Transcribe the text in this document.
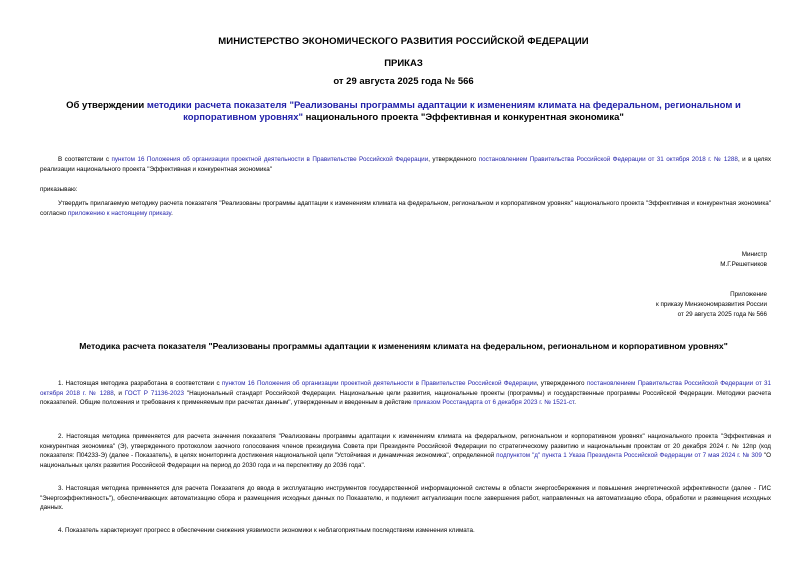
МИНИСТЕРСТВО ЭКОНОМИЧЕСКОГО РАЗВИТИЯ РОССИЙСКОЙ ФЕДЕРАЦИИ
ПРИКАЗ
от 29 августа 2025 года № 566
Об утверждении методики расчета показателя "Реализованы программы адаптации к изменениям климата на федеральном, региональном и корпоративном уровнях" национального проекта "Эффективная и конкурентная экономика"
В соответствии с пунктом 16 Положения об организации проектной деятельности в Правительстве Российской Федерации, утвержденного постановлением Правительства Российской Федерации от 31 октября 2018 г. № 1288, и в целях реализации национального проекта "Эффективная и конкурентная экономика"
приказываю:
Утвердить прилагаемую методику расчета показателя "Реализованы программы адаптации к изменениям климата на федеральном, региональном и корпоративном уровнях" национального проекта "Эффективная и конкурентная экономика" согласно приложению к настоящему приказу.
Министр
М.Г.Решетников
Приложение
к приказу Минэкономразвития России
от 29 августа 2025 года № 566
Методика расчета показателя "Реализованы программы адаптации к изменениям климата на федеральном, региональном и корпоративном уровнях"
1. Настоящая методика разработана в соответствии с пунктом 16 Положения об организации проектной деятельности в Правительстве Российской Федерации, утвержденного постановлением Правительства Российской Федерации от 31 октября 2018 г. № 1288, и ГОСТ Р 71136-2023 "Национальный стандарт Российской Федерации. Национальные цели развития, национальные проекты (программы) и государственные программы Российской Федерации. Методики расчета показателей. Общие положения и требования к применяемым при расчетах данным", утвержденным и введенным в действие приказом Росстандарта от 6 декабря 2023 г. № 1521-ст.
2. Настоящая методика применяется для расчета значения показателя "Реализованы программы адаптации к изменениям климата на федеральном, региональном и корпоративном уровнях" национального проекта "Эффективная и конкурентная экономика" (Э), утвержденного протоколом заочного голосования членов президиума Совета при Президенте Российской Федерации по стратегическому развитию и национальным проектам от 20 декабря 2024 г. № 12пр (код показателя: П04233-Э) (далее - Показатель), в целях мониторинга достижения национальной цели "Устойчивая и динамичная экономика", определенной подпунктом "д" пункта 1 Указа Президента Российской Федерации от 7 мая 2024 г. № 309 "О национальных целях развития Российской Федерации на период до 2030 года и на перспективу до 2036 года".
3. Настоящая методика применяется для расчета Показателя до ввода в эксплуатацию инструментов государственной информационной системы в области энергосбережения и повышения энергетической эффективности (далее - ГИС "Энергоэффективность"), обеспечивающих автоматизацию сбора и размещения исходных данных по Показателю, и подлежит актуализации после завершения работ, направленных на автоматизацию сбора, обработки и размещения исходных данных.
4. Показатель характеризует прогресс в обеспечении снижения уязвимости экономики к неблагоприятным последствиям изменения климата.
